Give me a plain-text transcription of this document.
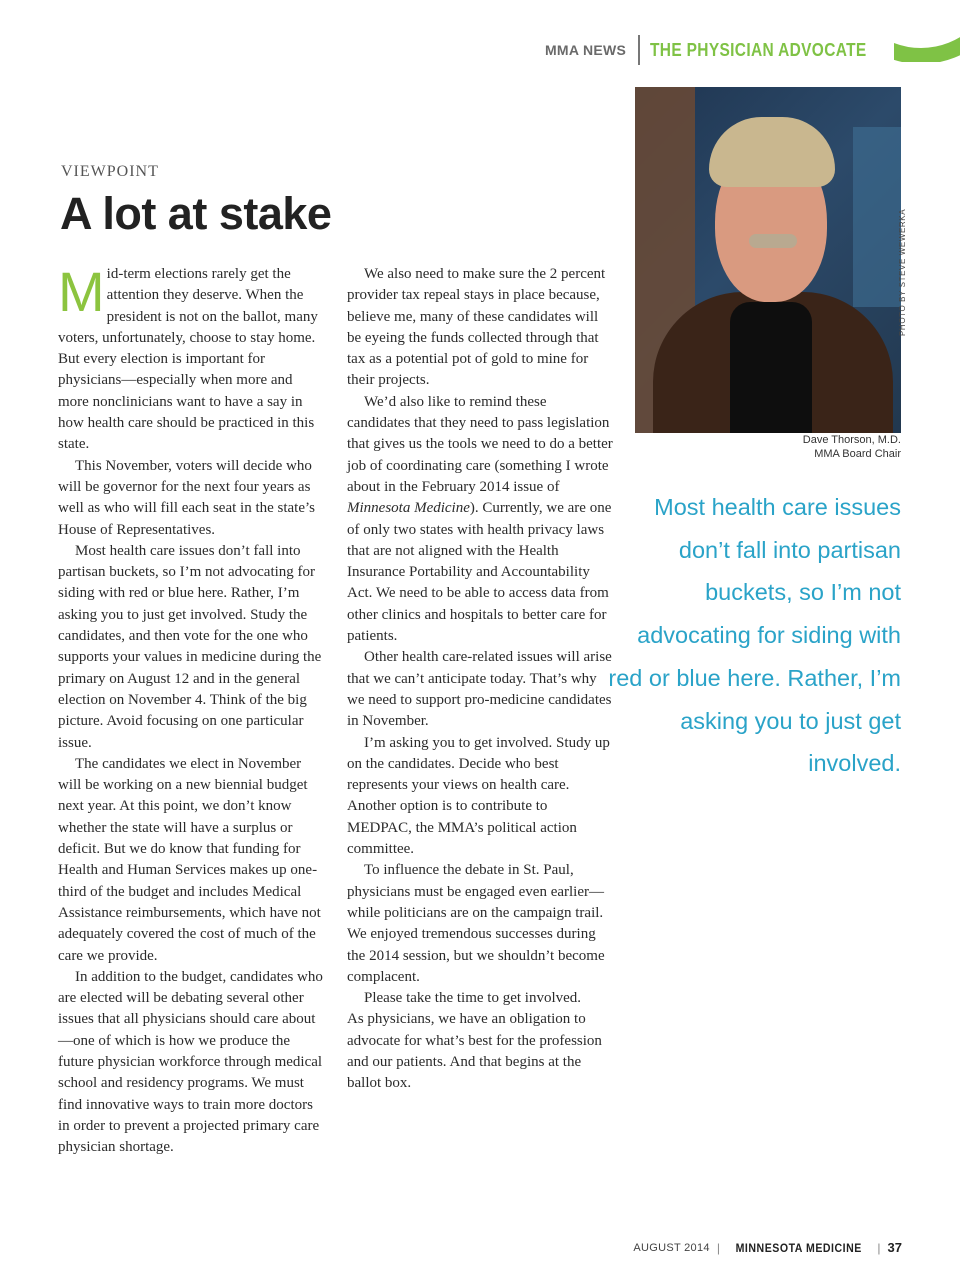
MMA NEWS THE PHYSICIAN ADVOCATE
VIEWPOINT
A lot at stake

Mid-term elections rarely get the attention they deserve. When the president is not on the ballot, many voters, unfortunately, choose to stay home. But every election is important for physicians—especially when more and more nonclinicians want to have a say in how health care should be practiced in this state.

This November, voters will decide who will be governor for the next four years as well as who will fill each seat in the state’s House of Representatives.

Most health care issues don’t fall into partisan buckets, so I’m not advocating for siding with red or blue here. Rather, I’m asking you to just get involved. Study the candidates, and then vote for the one who supports your values in medicine during the primary on August 12 and in the general election on November 4. Think of the big picture. Avoid focusing on one particular issue.

The candidates we elect in November will be working on a new biennial budget next year. At this point, we don’t know whether the state will have a surplus or deficit. But we do know that funding for Health and Human Services makes up one-third of the budget and includes Medical Assistance reimbursements, which have not adequately covered the cost of much of the care we provide.

In addition to the budget, candidates who are elected will be debating several other issues that all physicians should care about—one of which is how we produce the future physician workforce through medical school and residency programs. We must find innovative ways to train more doctors in order to prevent a projected primary care physician shortage.

We also need to make sure the 2 percent provider tax repeal stays in place because, believe me, many of these candidates will be eyeing the funds collected through that tax as a potential pot of gold to mine for their projects.

We’d also like to remind these candidates that they need to pass legislation that gives us the tools we need to do a better job of coordinating care (something I wrote about in the February 2014 issue of Minnesota Medicine). Currently, we are one of only two states with health privacy laws that are not aligned with the Health Insurance Portability and Accountability Act. We need to be able to access data from other clinics and hospitals to better care for patients.

Other health care-related issues will arise that we can’t anticipate today. That’s why we need to support pro-medicine candidates in November.

I’m asking you to get involved. Study up on the candidates. Decide who best represents your views on health care. Another option is to contribute to MEDPAC, the MMA’s political action committee.

To influence the debate in St. Paul, physicians must be engaged even earlier—while politicians are on the campaign trail. We enjoyed tremendous successes during the 2014 session, but we shouldn’t become complacent.

Please take the time to get involved.

As physicians, we have an obligation to advocate for what’s best for the profession and our patients. And that begins at the ballot box.

PHOTO BY STEVE WEWERKA
Dave Thorson, M.D.
MMA Board Chair
Most health care issues don’t fall into partisan buckets, so I’m not advocating for siding with red or blue here. Rather, I’m asking you to just get involved.
AUGUST 2014 | MINNESOTA MEDICINE | 37
